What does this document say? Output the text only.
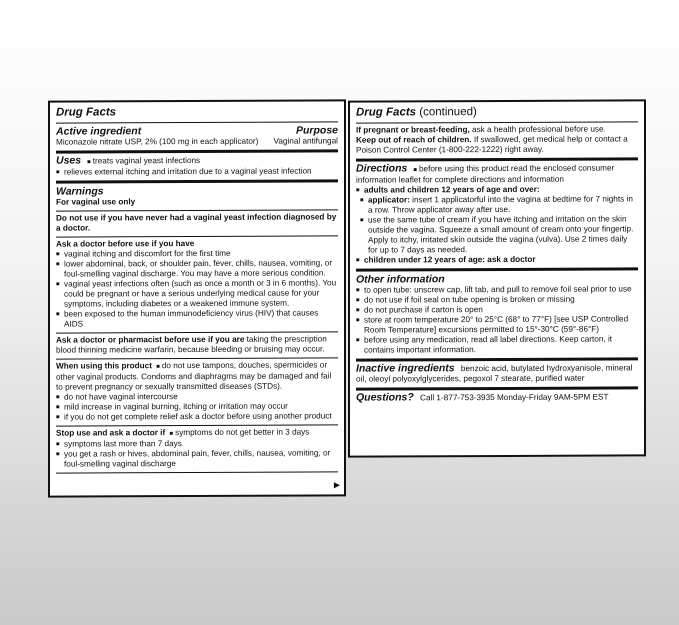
Drug Facts
Active ingredient	Purpose
Miconazole nitrate USP, 2% (100 mg in each applicator) Vaginal antifungal
Uses ■ treats vaginal yeast infections
■ relieves external itching and irritation due to a vaginal yeast infection
Warnings
For vaginal use only
Do not use if you have never had a vaginal yeast infection diagnosed by a doctor.
Ask a doctor before use if you have
■ vaginal itching and discomfort for the first time
■ lower abdominal, back, or shoulder pain, fever, chills, nausea, vomiting, or foul-smelling vaginal discharge. You may have a more serious condition.
■ vaginal yeast infections often (such as once a month or 3 in 6 months). You could be pregnant or have a serious underlying medical cause for your symptoms, including diabetes or a weakened immune system.
■ been exposed to the human immunodeficiency virus (HIV) that causes AIDS
Ask a doctor or pharmacist before use if you are taking the prescription blood thinning medicine warfarin, because bleeding or bruising may occur.
When using this product ■ do not use tampons, douches, spermicides or other vaginal products. Condoms and diaphragms may be damaged and fail to prevent pregnancy or sexually transmitted diseases (STDs).
■ do not have vaginal intercourse
■ mild increase in vaginal burning, itching or irritation may occur
■ if you do not get complete relief ask a doctor before using another product
Stop use and ask a doctor if ■ symptoms do not get better in 3 days
■ symptoms last more than 7 days
■ you get a rash or hives, abdominal pain, fever, chills, nausea, vomiting, or foul-smelling vaginal discharge
▶
Drug Facts (continued)
If pregnant or breast-feeding, ask a health professional before use.
Keep out of reach of children. If swallowed, get medical help or contact a Poison Control Center (1-800-222-1222) right away.
Directions ■ before using this product read the enclosed consumer information leaflet for complete directions and information
■ adults and children 12 years of age and over:
■ applicator: insert 1 applicatorful into the vagina at bedtime for 7 nights in a row. Throw applicator away after use.
■ use the same tube of cream if you have itching and irritation on the skin outside the vagina. Squeeze a small amount of cream onto your fingertip. Apply to itchy, irritated skin outside the vagina (vulva). Use 2 times daily for up to 7 days as needed.
■ children under 12 years of age: ask a doctor
Other information
■ to open tube: unscrew cap, lift tab, and pull to remove foil seal prior to use
■ do not use if foil seal on tube opening is broken or missing
■ do not purchase if carton is open
■ store at room temperature 20° to 25°C (68° to 77°F) [see USP Controlled Room Temperature] excursions permitted to 15°-30°C (59°-86°F)
■ before using any medication, read all label directions. Keep carton, it contains important information.
Inactive ingredients benzoic acid, butylated hydroxyanisole, mineral oil, oleoyl polyoxylglycerides, pegoxol 7 stearate, purified water
Questions? Call 1-877-753-3935 Monday-Friday 9AM-5PM EST
